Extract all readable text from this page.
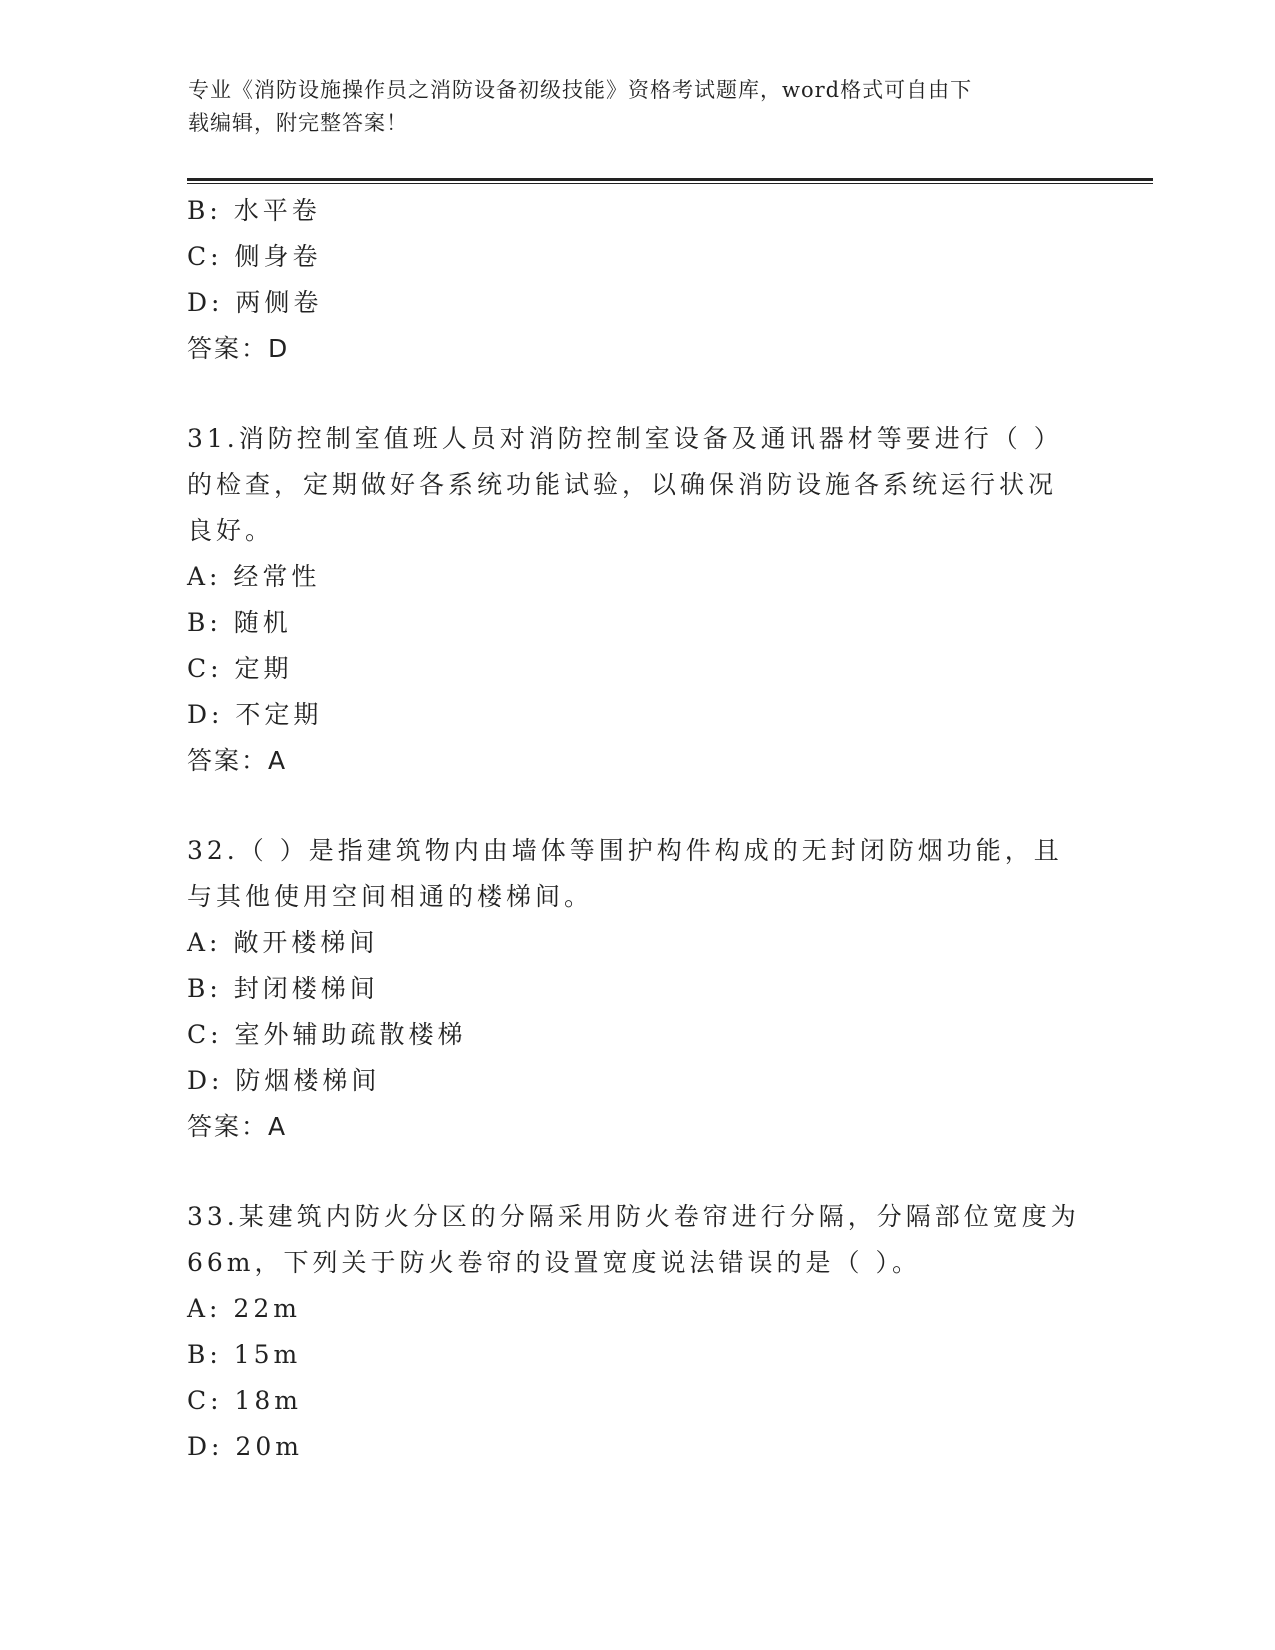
专业《消防设施操作员之消防设备初级技能》资格考试题库，word格式可自由下
载编辑，附完整答案！
B: 水平卷
C: 侧身卷
D: 两侧卷
答案：D
31.消防控制室值班人员对消防控制室设备及通讯器材等要进行（ ）
的检查，定期做好各系统功能试验，以确保消防设施各系统运行状况
良好。
A: 经常性
B: 随机
C: 定期
D: 不定期
答案：A
32.（ ）是指建筑物内由墙体等围护构件构成的无封闭防烟功能，且
与其他使用空间相通的楼梯间。
A: 敞开楼梯间
B: 封闭楼梯间
C: 室外辅助疏散楼梯
D: 防烟楼梯间
答案：A
33.某建筑内防火分区的分隔采用防火卷帘进行分隔，分隔部位宽度为
66m，下列关于防火卷帘的设置宽度说法错误的是（ ）。
A: 22m
B: 15m
C: 18m
D: 20m
